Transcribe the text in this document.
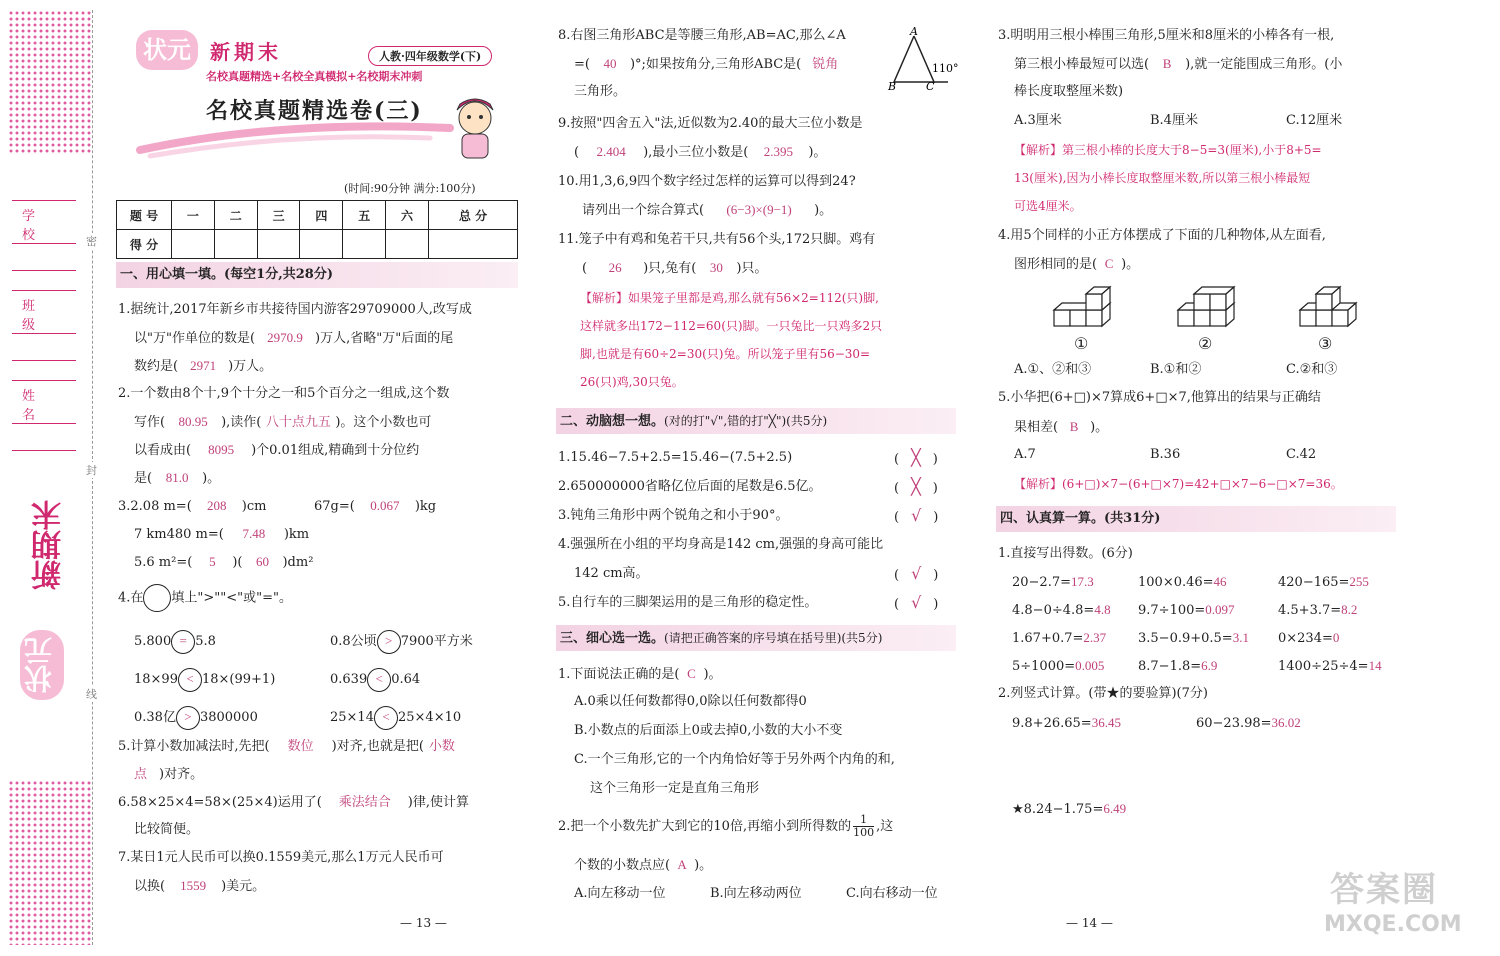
密
封
线
学 校
班 级
姓 名
新期末
状元
状元 新期末	人教·四年级数学(下)
名校真题精选+名校全真模拟+名校期末冲刺
名校真题精选卷(三)
(时间:90分钟 满分:100分)
题 号	一	二	三	四	五	六	总 分
得 分							
一、用心填一填。(每空1分,共28分)
1.据统计,2017年新乡市共接待国内游客29709000人,改写成
以"万"作单位的数是( 2970.9 )万人,省略"万"后面的尾
数约是( 2971 )万人。
2.一个数由8个十,9个十分之一和5个百分之一组成,这个数
写作( 80.95 ),读作( 八十点九五 )。这个小数也可
以看成由( 8095 )个0.01组成,精确到十分位约
是( 81.0 )。
3.2.08 m=( 208 )cm	67g=( 0.067 )kg
7 km480 m=( 7.48 )km
5.6 m²=( 5 )( 60 )dm²
4.在 填上">""<"或"="。
5.800 = 5.8	0.8公顷 > 7900平方米
18×99 < 18×(99+1)	0.639 < 0.64
0.38亿 > 3800000	25×14 < 25×4×10
5.计算小数加减法时,先把( 数位 )对齐,也就是把( 小数
点 )对齐。
6.58×25×4=58×(25×4)运用了( 乘法结合 )律,使计算
比较简便。
7.某日1元人民币可以换0.1559美元,那么1万元人民币可
以换( 1559 )美元。
— 13 —
8.右图三角形ABC是等腰三角形,AB=AC,那么∠A
=( 40 )°;如果按角分,三角形ABC是( 锐角
三角形。
A
B	C
110°
9.按照"四舍五入"法,近似数为2.40的最大三位小数是
( 2.404 ),最小三位小数是( 2.395 )。
10.用1,3,6,9四个数字经过怎样的运算可以得到24?
请列出一个综合算式( (6−3)×(9−1) )。
11.笼子中有鸡和兔若干只,共有56个头,172只脚。鸡有
( 26 )只,兔有( 30 )只。
【解析】如果笼子里都是鸡,那么就有56×2=112(只)脚,
这样就多出172−112=60(只)脚。一只兔比一只鸡多2只
脚,也就是有60÷2=30(只)兔。所以笼子里有56−30=
26(只)鸡,30只兔。
二、动脑想一想。(对的打"√",错的打"╳")(共5分)
1.15.46−7.5+2.5=15.46−(7.5+2.5)	( ╳ )
2.650000000省略亿位后面的尾数是6.5亿。	( ╳ )
3.钝角三角形中两个锐角之和小于90°。	( √ )
4.强强所在小组的平均身高是142 cm,强强的身高可能比
142 cm高。	( √ )
5.自行车的三脚架运用的是三角形的稳定性。	( √ )
三、细心选一选。(请把正确答案的序号填在括号里)(共5分)
1.下面说法正确的是( C )。
A.0乘以任何数都得0,0除以任何数都得0
B.小数点的后面添上0或去掉0,小数的大小不变
C.一个三角形,它的一个内角恰好等于另外两个内角的和,
这个三角形一定是直角三角形
2.把一个小数先扩大到它的10倍,再缩小到所得数的 $\frac{1}{100}$ ,这
个数的小数点应( A )。
A.向左移动一位	B.向左移动两位	C.向右移动一位
3.明明用三根小棒围三角形,5厘米和8厘米的小棒各有一根,
第三根小棒最短可以选( B ),就一定能围成三角形。(小
棒长度取整厘米数)
A.3厘米	B.4厘米	C.12厘米
【解析】第三根小棒的长度大于8−5=3(厘米),小于8+5=
13(厘米),因为小棒长度取整厘米数,所以第三根小棒最短
可选4厘米。
4.用5个同样的小正方体摆成了下面的几种物体,从左面看,
图形相同的是( C )。
①	②	③
A.①、②和③	B.①和②	C.②和③
5.小华把(6+□)×7算成6+□×7,他算出的结果与正确结
果相差( B )。
A.7	B.36	C.42
【解析】(6+□)×7−(6+□×7)=42+□×7−6−□×7=36。
四、认真算一算。(共31分)
1.直接写出得数。(6分)
20−2.7=17.3	100×0.46=46	420−165=255
4.8−0÷4.8=4.8 9.7÷100=0.097	4.5+3.7=8.2
1.67+0.7=2.37 3.5−0.9+0.5=3.1 0×234=0
5÷1000=0.005	8.7−1.8=6.9	1400÷25÷4=14
2.列竖式计算。(带★的要验算)(7分)
9.8+26.65=36.45	60−23.98=36.02
★8.24−1.75=6.49
— 14 —
答案圈
MXQE.COM
